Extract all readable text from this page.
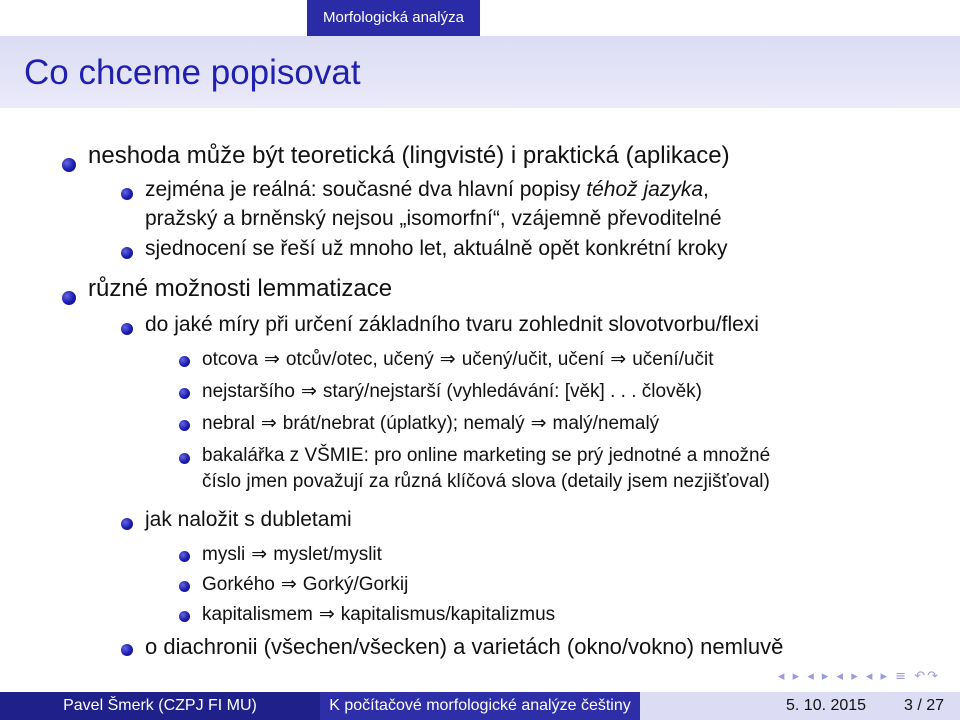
Morfologická analýza
Co chceme popisovat
neshoda může být teoretická (lingvisté) i praktická (aplikace)
zejména je reálná: současné dva hlavní popisy téhož jazyka,
pražský a brněnský nejsou „isomorfní“, vzájemně převoditelné
sjednocení se řeší už mnoho let, aktuálně opět konkrétní kroky
různé možnosti lemmatizace
do jaké míry při určení základního tvaru zohlednit slovotvorbu/flexi
otcova ⇒ otcův/otec, učený ⇒ učený/učit, učení ⇒ učení/učit
nejstaršího ⇒ starý/nejstarší (vyhledávání: [věk] . . . člověk)
nebral ⇒ brát/nebrat (úplatky); nemalý ⇒ malý/nemalý
bakalářka z VŠMIE: pro online marketing se prý jednotné a množné
číslo jmen považují za různá klíčová slova (detaily jsem nezjišťoval)
jak naložit s dubletami
mysli ⇒ myslet/myslit
Gorkého ⇒ Gorký/Gorkij
kapitalismem ⇒ kapitalismus/kapitalizmus
o diachronii (všechen/všecken) a varietách (okno/vokno) nemluvě
◂ ▸ ◂ ▸ ◂ ▸ ◂ ▸ ≡ ↶↷
Pavel Šmerk (CZPJ FI MU)	K počítačové morfologické analýze češtiny	5. 10. 2015 3 / 27
